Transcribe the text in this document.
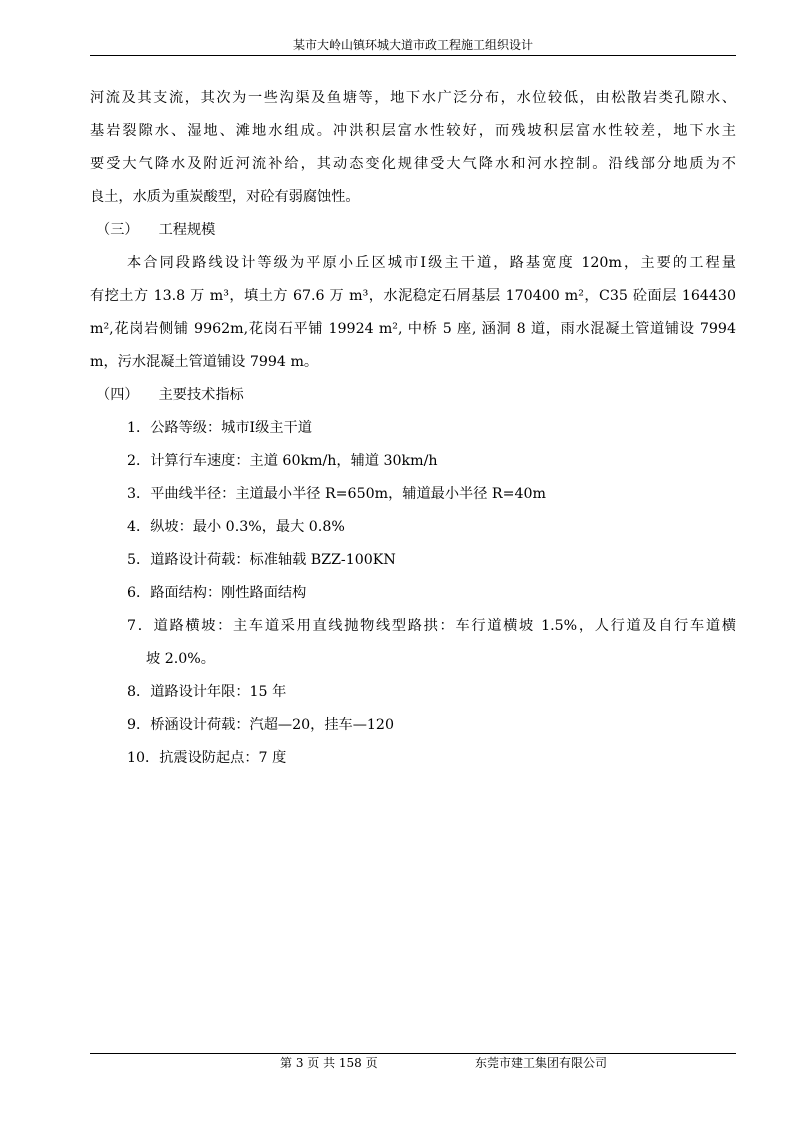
某市大岭山镇环城大道市政工程施工组织设计
河流及其支流，其次为一些沟渠及鱼塘等，地下水广泛分布，水位较低，由松散岩类孔隙水、
基岩裂隙水、湿地、滩地水组成。冲洪积层富水性较好，而残坡积层富水性较差，地下水主
要受大气降水及附近河流补给，其动态变化规律受大气降水和河水控制。沿线部分地质为不
良土，水质为重炭酸型，对砼有弱腐蚀性。
（三） 工程规模
本合同段路线设计等级为平原小丘区城市Ⅰ级主干道，路基宽度 120m，主要的工程量
有挖土方 13.8 万 m³，填土方 67.6 万 m³，水泥稳定石屑基层 170400 m²，C35 砼面层 164430
m²,花岗岩侧铺 9962m,花岗石平铺 19924 m², 中桥 5 座, 涵洞 8 道，雨水混凝土管道铺设 7994
m，污水混凝土管道铺设 7994 m。
（四） 主要技术指标
1．公路等级：城市Ⅰ级主干道
2．计算行车速度：主道 60km/h，辅道 30km/h
3．平曲线半径：主道最小半径 R=650m，辅道最小半径 R=40m
4．纵坡：最小 0.3%，最大 0.8%
5．道路设计荷载：标准轴载 BZZ-100KN
6．路面结构：刚性路面结构
7．道路横坡：主车道采用直线抛物线型路拱：车行道横坡 1.5%，人行道及自行车道横
坡 2.0%。
8．道路设计年限：15 年
9．桥涵设计荷载：汽超—20，挂车—120
10．抗震设防起点：7 度
第 3 页 共 158 页	东莞市建工集团有限公司
